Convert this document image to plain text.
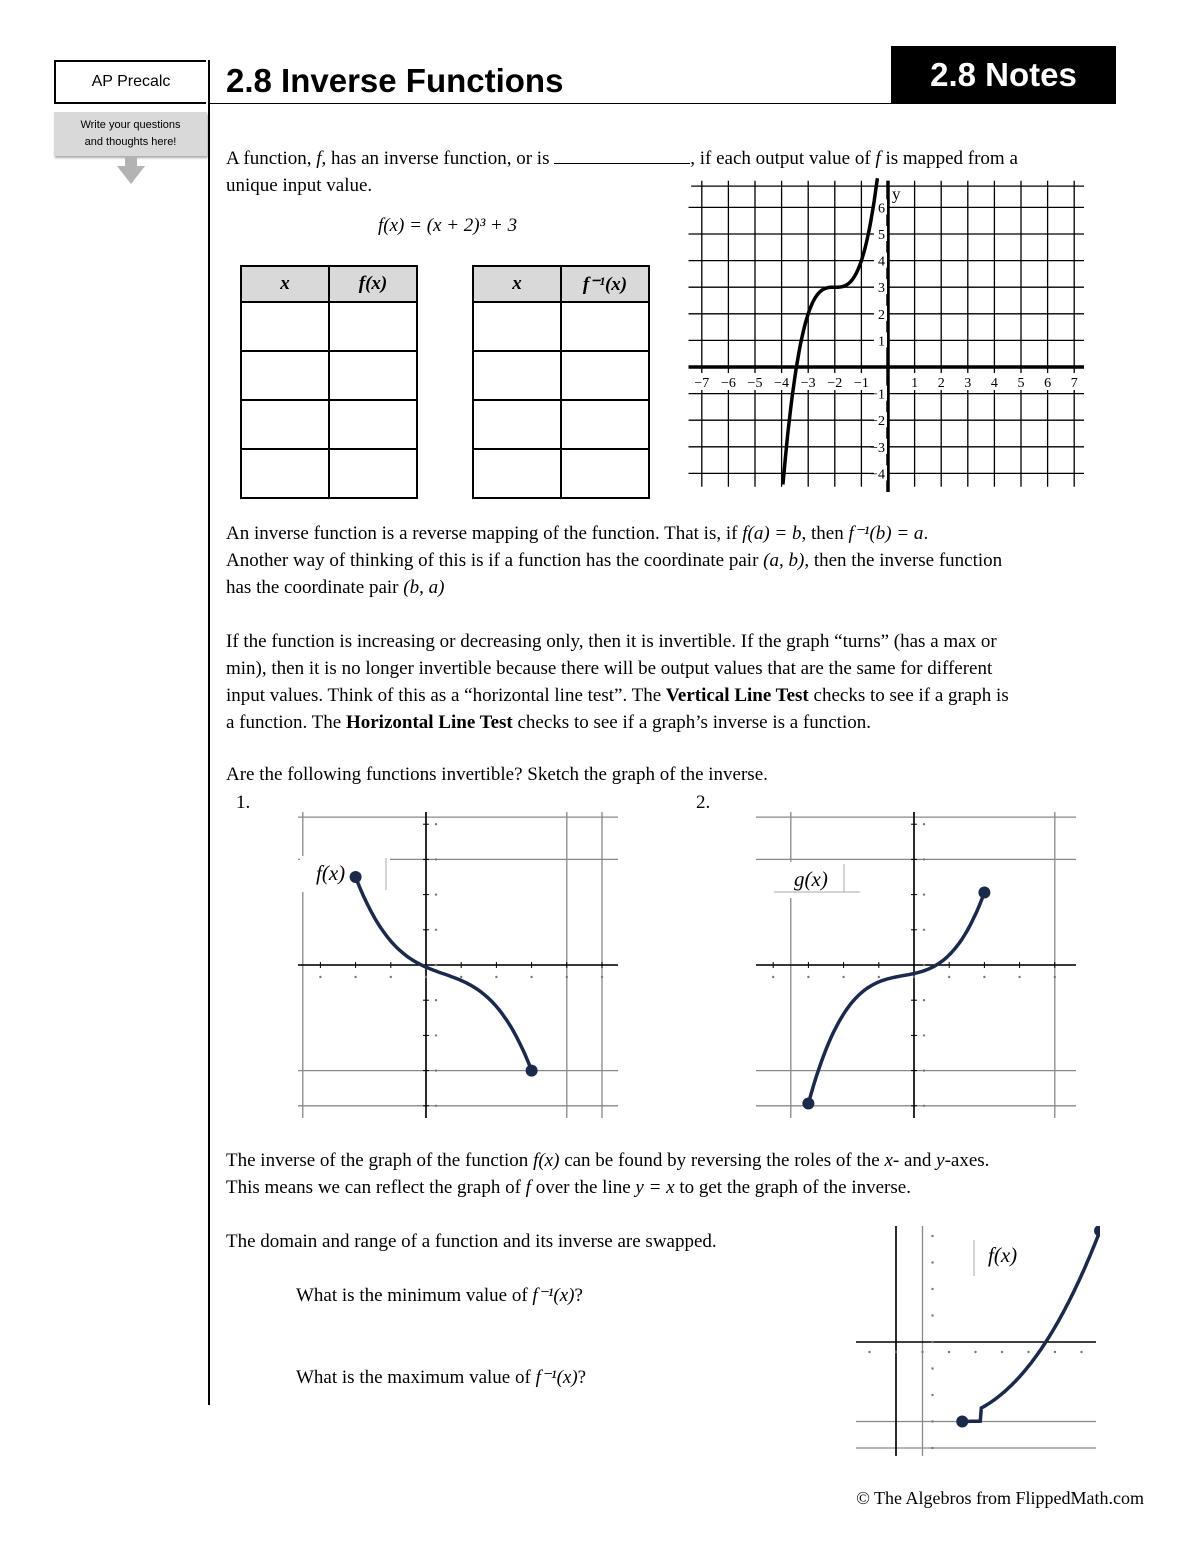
AP Precalc
Write your questions
and thoughts here!
2.8 Inverse Functions	2.8 Notes
A function, f, has an inverse function, or is	, if each output value of f is mapped from a
unique input value.
f(x) = (x + 2)³ + 3
x	f(x)

		x	f⁻¹(x)

−7 −6 −5 −4 −3 −2 −1	1 2 3 4 5 6 7
6
5
4
3
2
1
−1
−2
−3
−4
y
An inverse function is a reverse mapping of the function. That is, if f(a) = b, then f⁻¹(b) = a.
Another way of thinking of this is if a function has the coordinate pair (a, b), then the inverse function
has the coordinate pair (b, a)
If the function is increasing or decreasing only, then it is invertible. If the graph “turns” (has a max or
min), then it is no longer invertible because there will be output values that are the same for different
input values. Think of this as a “horizontal line test”. The Vertical Line Test checks to see if a graph is
a function. The Horizontal Line Test checks to see if a graph’s inverse is a function.
Are the following functions invertible? Sketch the graph of the inverse.
1.	2.
f(x)	g(x)
The inverse of the graph of the function f(x) can be found by reversing the roles of the x- and y-axes.
This means we can reflect the graph of f over the line y = x to get the graph of the inverse.
The domain and range of a function and its inverse are swapped.
What is the minimum value of f⁻¹(x)?
What is the maximum value of f⁻¹(x)?
f(x)
© The Algebros from FlippedMath.com
